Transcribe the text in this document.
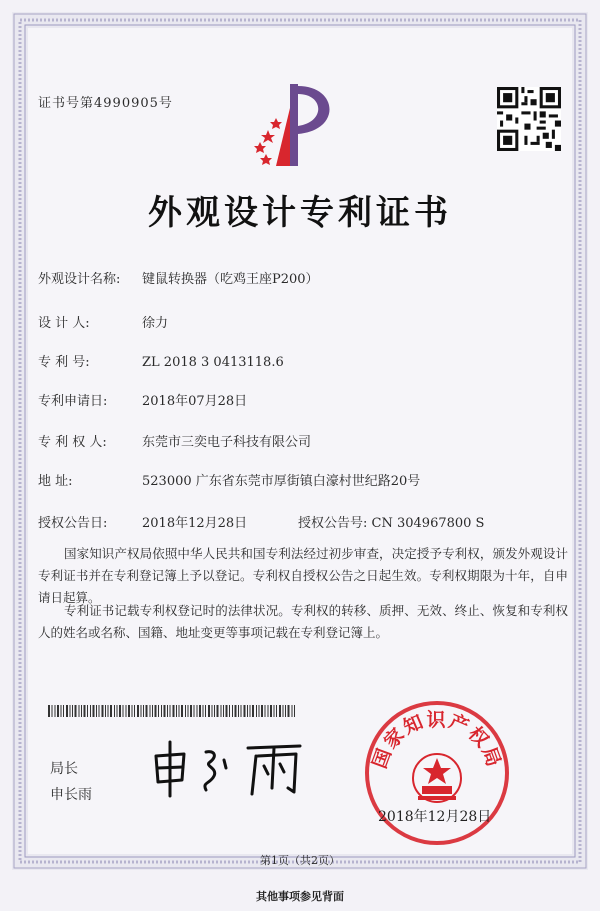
证书号第4990905号
外观设计专利证书
外观设计名称: 键鼠转换器（吃鸡王座P200）
设 计 人:	徐力
专 利 号:	ZL 2018 3 0413118.6
专利申请日:	2018年07月28日
专 利 权 人:	东莞市三奕电子科技有限公司
地 址:	523000 广东省东莞市厚街镇白濠村世纪路20号
授权公告日:	2018年12月28日	授权公告号: CN 304967800 S
国家知识产权局依照中华人民共和国专利法经过初步审查，决定授予专利权，颁发外观设计专利证书并在专利登记簿上予以登记。专利权自授权公告之日起生效。专利权期限为十年，自申请日起算。
专利证书记载专利权登记时的法律状况。专利权的转移、质押、无效、终止、恢复和专利权人的姓名或名称、国籍、地址变更等事项记载在专利登记簿上。
局长
申长雨
国家知识产权局
2018年12月28日
第1页（共2页）
其他事项参见背面
